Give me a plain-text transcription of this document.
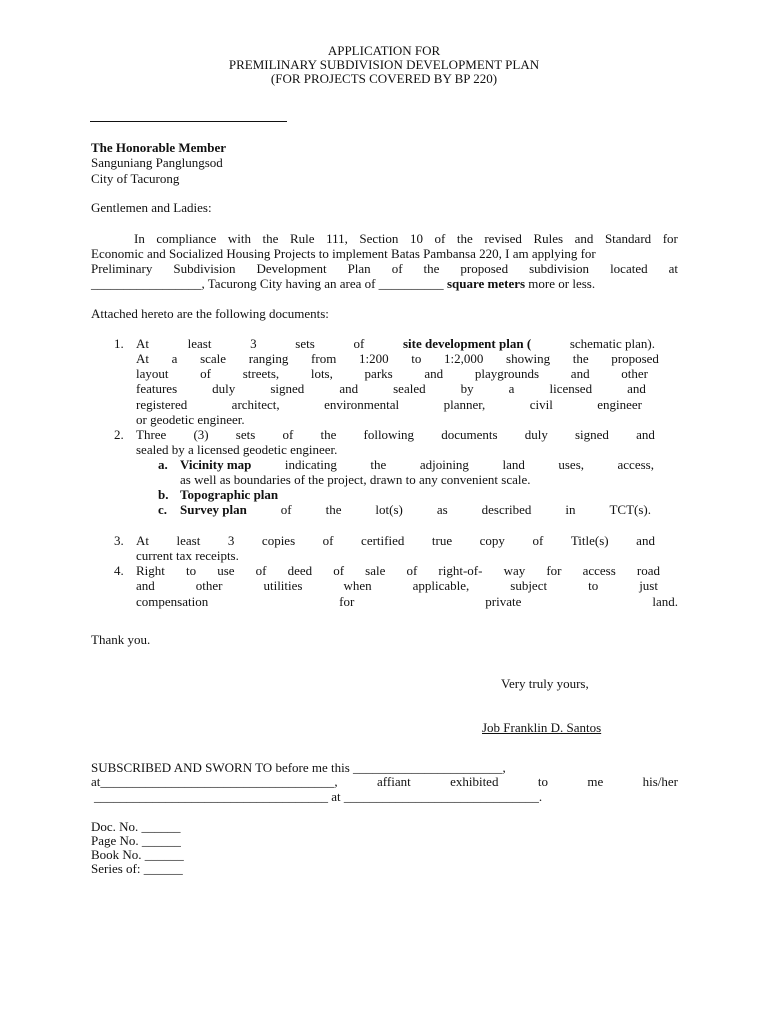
APPLICATION FOR
PREMILINARY SUBDIVISION DEVELOPMENT PLAN
(FOR PROJECTS COVERED BY BP 220)
The Honorable Member
Sanguniang Panglungsod
City of Tacurong
Gentlemen and Ladies:
In compliance with the Rule 111, Section 10 of the revised Rules and Standard for
Economic and Socialized Housing Projects to implement Batas Pambansa 220, I am applying for
Preliminary Subdivision Development Plan of the proposed subdivision located at
_________________, Tacurong City having an area of __________ square meters more or less.
Attached hereto are the following documents:
1. At	least	3	sets	of	site development plan (	schematic plan).
At a scale ranging from 1:200 to 1:2,000 showing the proposed
layout of streets, lots, parks and playgrounds and other
features	duly	signed	and	sealed	by	a	licensed	and
registered	architect,	environmental	planner,	civil	engineer
or geodetic engineer.
2. Three (3) sets of the following documents duly signed and
sealed by a licensed geodetic engineer.
a. Vicinity map	indicating	the	adjoining	land	uses,	access,
as well as boundaries of the project, drawn to any convenient scale.
b. Topographic plan
c. Survey plan	of	the	lot(s)	as	described	in	TCT(s).
3. At least 3 copies of certified true copy of Title(s) and
current tax receipts.
4. Right to use of deed of sale of right-of- way for access road
and	other	utilities	when	applicable,	subject	to	just
compensation	for	private	land.
Thank you.
Very truly yours,
Job Franklin D. Santos
SUBSCRIBED AND SWORN TO before me this _______________________,
at____________________________________,	affiant	exhibited	to	me	his/her
____________________________________ at ______________________________.
Doc. No. ______
Page No. ______
Book No. ______
Series of: ______
